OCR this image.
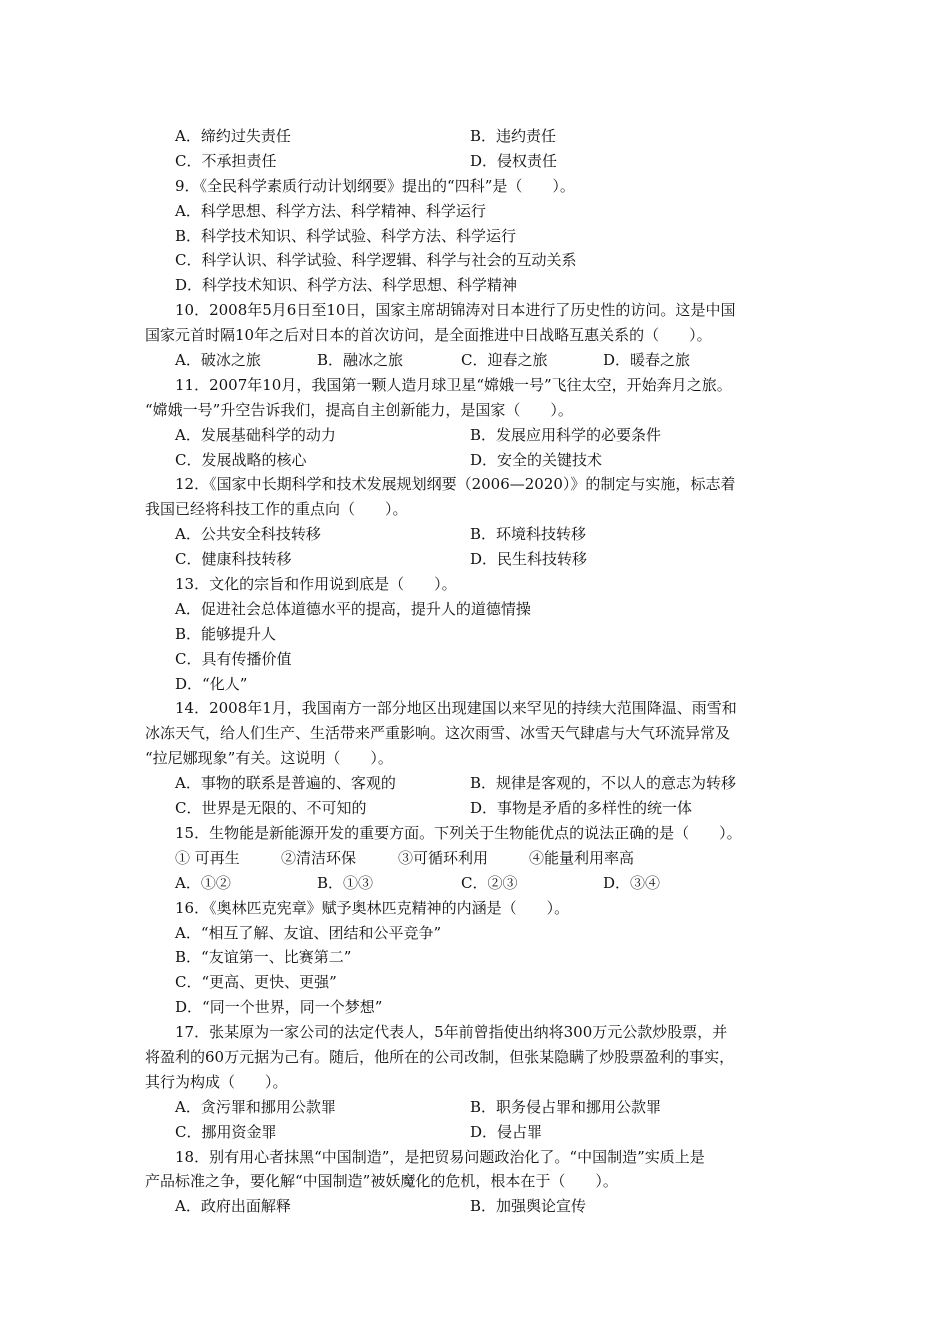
A．缔约过失责任	B．违约责任
C．不承担责任	D．侵权责任
9．《全民科学素质行动计划纲要》提出的“四科”是（　　）。
A．科学思想、科学方法、科学精神、科学运行
B．科学技术知识、科学试验、科学方法、科学运行
C．科学认识、科学试验、科学逻辑、科学与社会的互动关系
D．科学技术知识、科学方法、科学思想、科学精神
10．2008年5月6日至10日，国家主席胡锦涛对日本进行了历史性的访问。这是中国
国家元首时隔10年之后对日本的首次访问，是全面推进中日战略互惠关系的（　　）。
A．破冰之旅	B．融冰之旅	C．迎春之旅	D．暖春之旅
11．2007年10月，我国第一颗人造月球卫星“嫦娥一号”飞往太空，开始奔月之旅。
“嫦娥一号”升空告诉我们，提高自主创新能力，是国家（　　）。
A．发展基础科学的动力	B．发展应用科学的必要条件
C．发展战略的核心	D．安全的关键技术
12．《国家中长期科学和技术发展规划纲要（2006—2020）》的制定与实施，标志着
我国已经将科技工作的重点向（　　）。
A．公共安全科技转移	B．环境科技转移
C．健康科技转移	D．民生科技转移
13．文化的宗旨和作用说到底是（　　）。
A．促进社会总体道德水平的提高，提升人的道德情操
B．能够提升人
C．具有传播价值
D．“化人”
14．2008年1月，我国南方一部分地区出现建国以来罕见的持续大范围降温、雨雪和
冰冻天气，给人们生产、生活带来严重影响。这次雨雪、冰雪天气肆虐与大气环流异常及
“拉尼娜现象”有关。这说明（　　）。
A．事物的联系是普遍的、客观的	B．规律是客观的，不以人的意志为转移
C．世界是无限的、不可知的	D．事物是矛盾的多样性的统一体
15．生物能是新能源开发的重要方面。下列关于生物能优点的说法正确的是（　　）。
① 可再生	②清洁环保	③可循环利用	④能量利用率高
A．①②	B．①③	C．②③	D．③④
16．《奥林匹克宪章》赋予奥林匹克精神的内涵是（　　）。
A．“相互了解、友谊、团结和公平竞争”
B．“友谊第一、比赛第二”
C．“更高、更快、更强”
D．“同一个世界，同一个梦想”
17．张某原为一家公司的法定代表人，5年前曾指使出纳将300万元公款炒股票，并
将盈利的60万元据为己有。随后，他所在的公司改制，但张某隐瞒了炒股票盈利的事实，
其行为构成（　　）。
A．贪污罪和挪用公款罪	B．职务侵占罪和挪用公款罪
C．挪用资金罪	D．侵占罪
18．别有用心者抹黑“中国制造”，是把贸易问题政治化了。“中国制造”实质上是
产品标准之争，要化解“中国制造”被妖魔化的危机，根本在于（　　）。
A．政府出面解释	B．加强舆论宣传
